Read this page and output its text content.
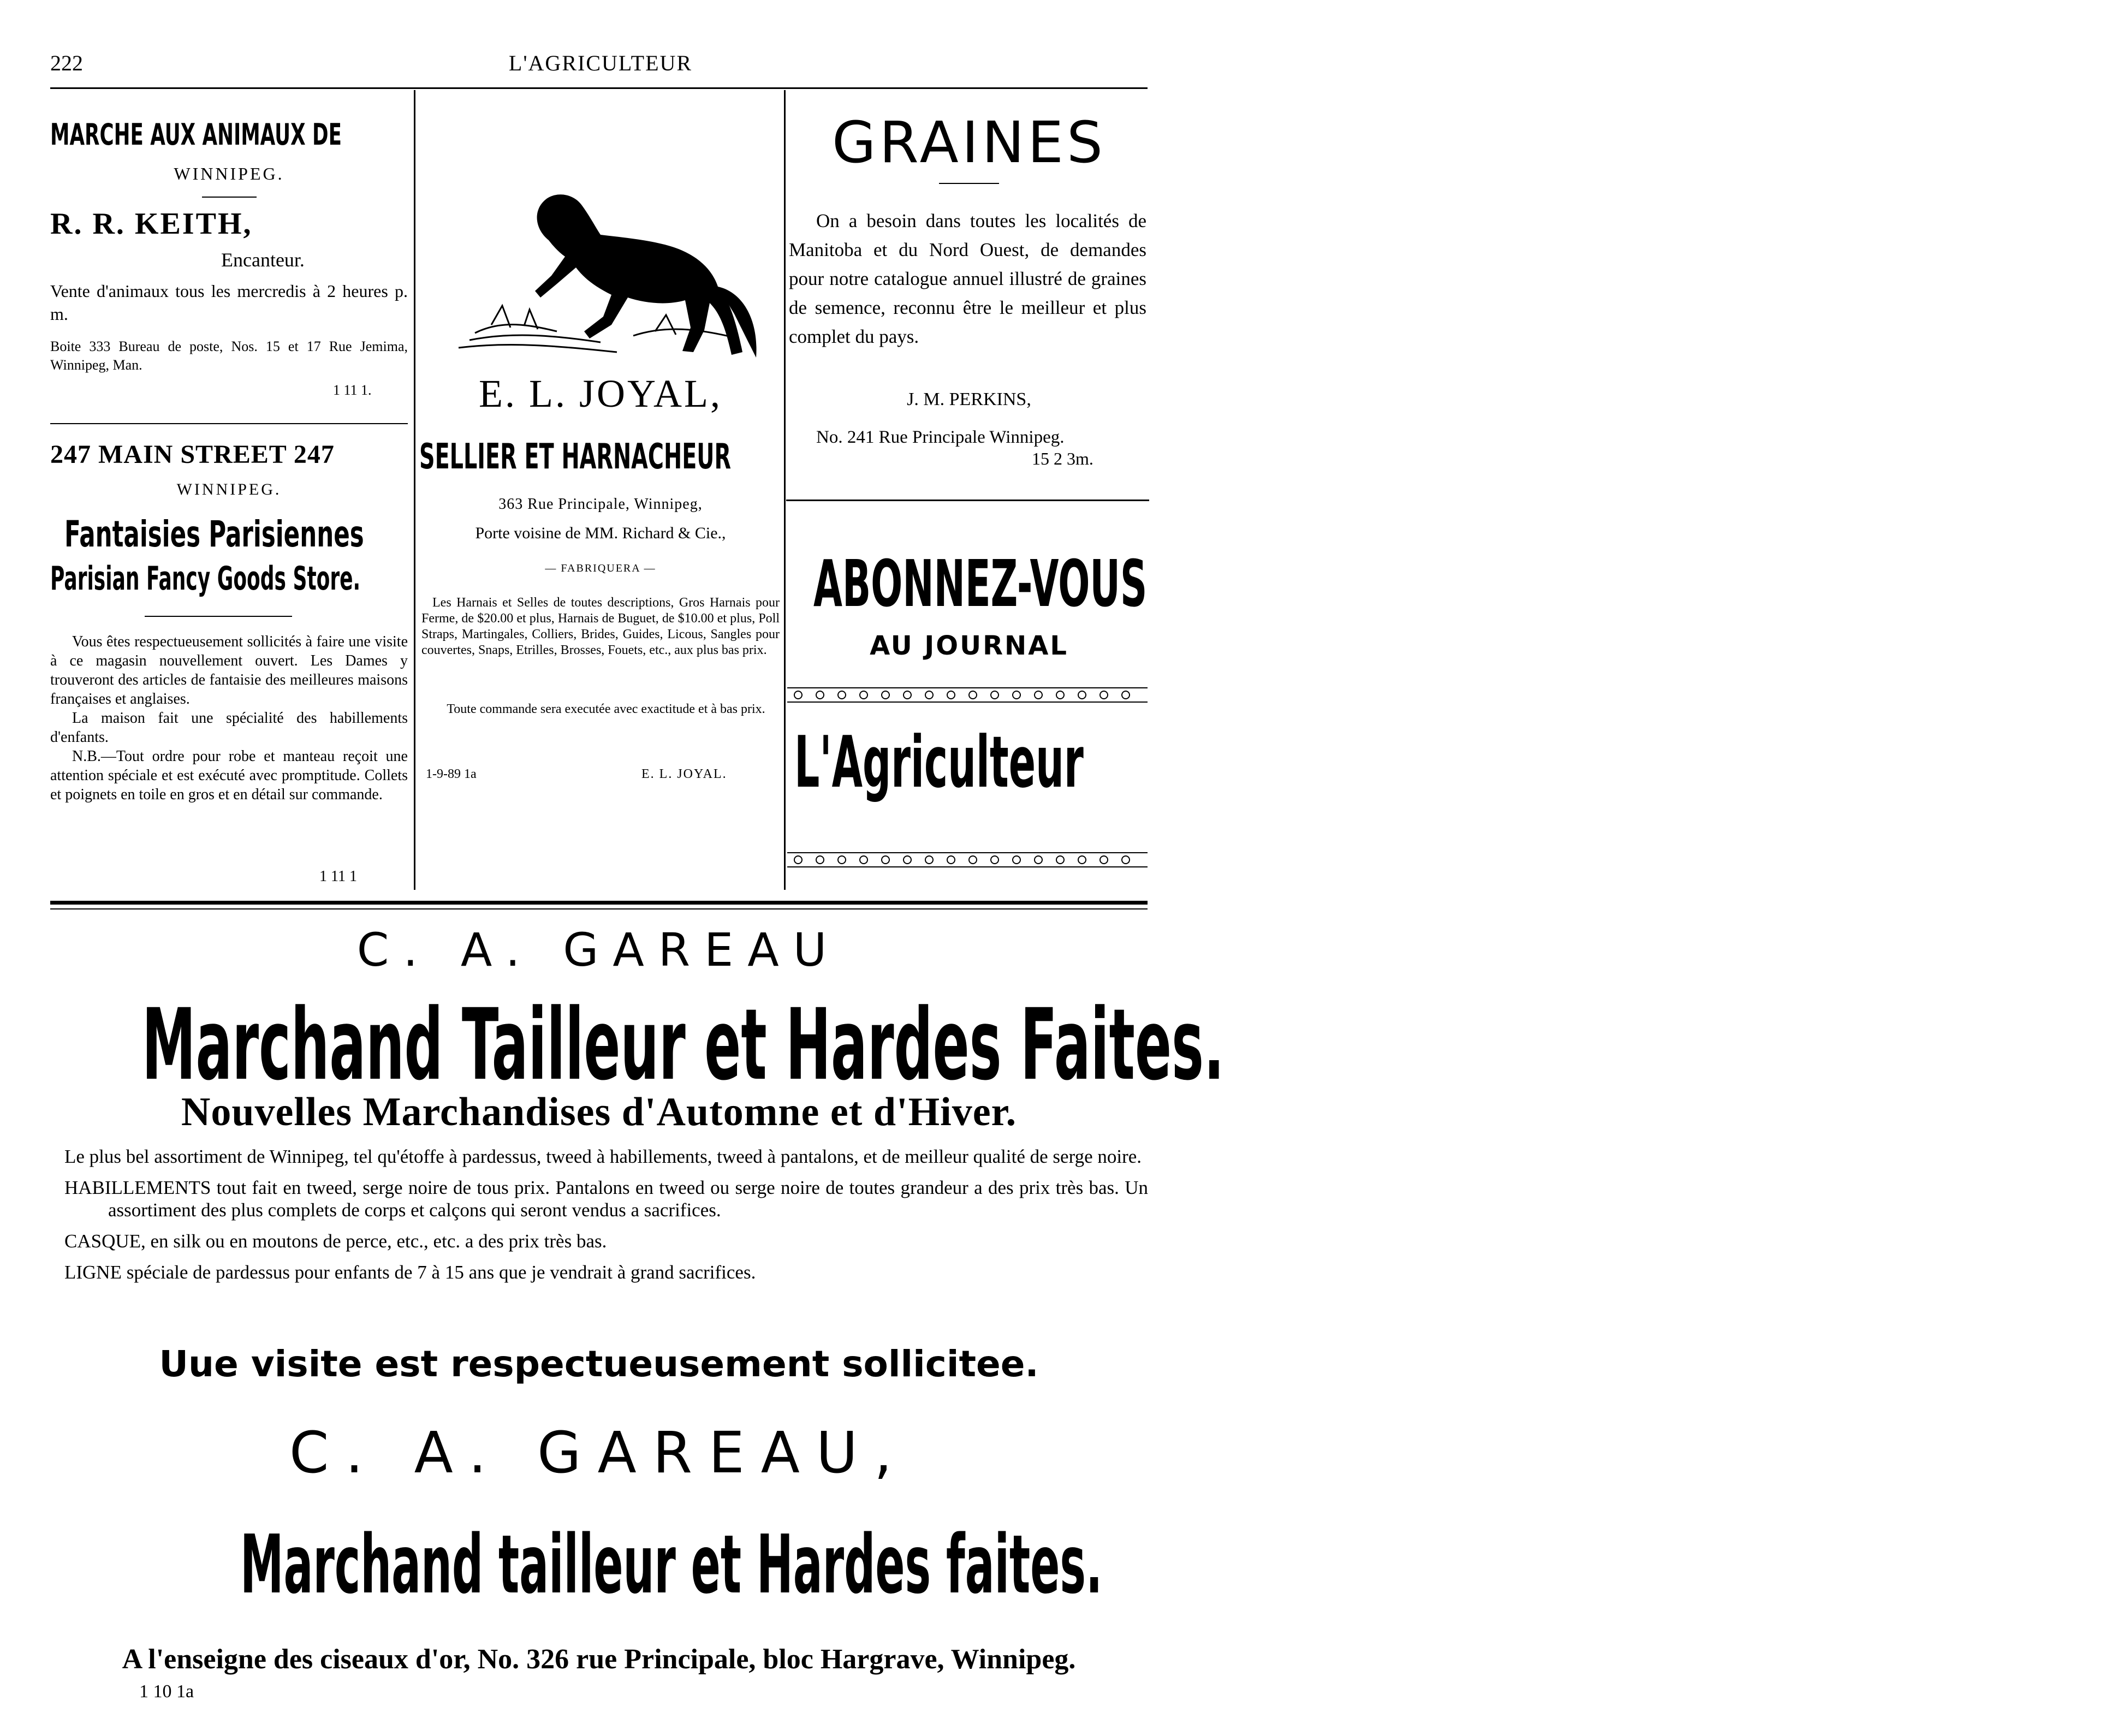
222	L'AGRICULTEUR
MARCHE AUX ANIMAUX DE
WINNIPEG.
R. R. KEITH,
Encanteur.
Vente d'animaux tous les mercredis à 2 heures p. m.
Boite 333 Bureau de poste, Nos. 15 et 17 Rue Jemima, Winnipeg, Man.
1 11 1.
247 MAIN STREET 247
WINNIPEG.
Fantaisies Parisiennes
Parisian Fancy Goods Store.

Vous êtes respectueusement sollicités à faire une visite à ce magasin nouvellement ouvert. Les Dames y trouveront des articles de fantaisie des meilleures maisons françaises et anglaises.

La maison fait une spécialité des habillements d'enfants.

N.B.—Tout ordre pour robe et manteau reçoit une attention spéciale et est exécuté avec promptitude. Collets et poignets en toile en gros et en détail sur commande.

1 11 1
E. L. JOYAL,
SELLIER ET HARNACHEUR
363 Rue Principale, Winnipeg,
Porte voisine de MM. Richard & Cie.,
— FABRIQUERA —
Les Harnais et Selles de toutes descriptions, Gros Harnais pour Ferme, de $20.00 et plus, Harnais de Buguet, de $10.00 et plus, Poll Straps, Martingales, Colliers, Brides, Guides, Licous, Sangles pour couvertes, Snaps, Etrilles, Brosses, Fouets, etc., aux plus bas prix.
Toute commande sera executée avec exactitude et à bas prix.
1-9-89 1a	E. L. JOYAL.
GRAINES
On a besoin dans toutes les localités de Manitoba et du Nord Ouest, de demandes pour notre catalogue annuel illustré de graines de semence, reconnu être le meilleur et plus complet du pays.
J. M. PERKINS,
No. 241 Rue Principale Winnipeg.
15 2 3m.
ABONNEZ-VOUS
AU JOURNAL
L'Agriculteur
C. A. GAREAU
Marchand Tailleur et Hardes Faites.
Nouvelles Marchandises d'Automne et d'Hiver.

Le plus bel assortiment de Winnipeg, tel qu'étoffe à pardessus, tweed à habillements, tweed à pantalons, et de meilleur qualité de serge noire.

HABILLEMENTS tout fait en tweed, serge noire de tous prix. Pantalons en tweed ou serge noire de toutes grandeur a des prix très bas. Un assortiment des plus complets de corps et calçons qui seront vendus a sacrifices.

CASQUE, en silk ou en moutons de perce, etc., etc. a des prix très bas.

LIGNE spéciale de pardessus pour enfants de 7 à 15 ans que je vendrait à grand sacrifices.

Uue visite est respectueusement sollicitee.
C. A. GAREAU,
Marchand tailleur et Hardes faites.
A l'enseigne des ciseaux d'or, No. 326 rue Principale, bloc Hargrave, Winnipeg.
1 10 1a
